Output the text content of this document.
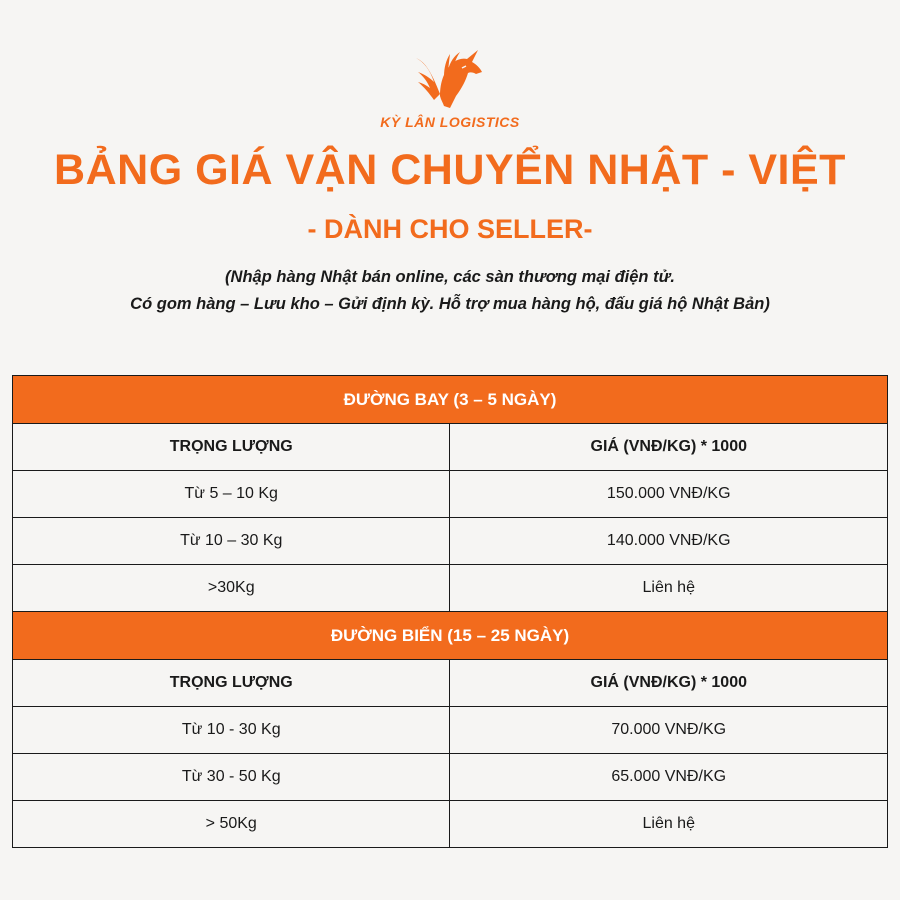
KỲ LÂN LOGISTICS
BẢNG GIÁ VẬN CHUYỂN NHẬT - VIỆT
- DÀNH CHO SELLER-
(Nhập hàng Nhật bán online, các sàn thương mại điện tử.
Có gom hàng – Lưu kho – Gửi định kỳ. Hỗ trợ mua hàng hộ, đấu giá hộ Nhật Bản)
ĐƯỜNG BAY (3 – 5 NGÀY)	
TRỌNG LƯỢNG	GIÁ (VNĐ/KG) * 1000
Từ 5 – 10 Kg	150.000 VNĐ/KG
Từ 10 – 30 Kg	140.000 VNĐ/KG
>30Kg	Liên hệ
ĐƯỜNG BIỂN (15 – 25 NGÀY)	
TRỌNG LƯỢNG	GIÁ (VNĐ/KG) * 1000
Từ 10 - 30 Kg	70.000 VNĐ/KG
Từ 30 - 50 Kg	65.000 VNĐ/KG
> 50Kg	Liên hệ
